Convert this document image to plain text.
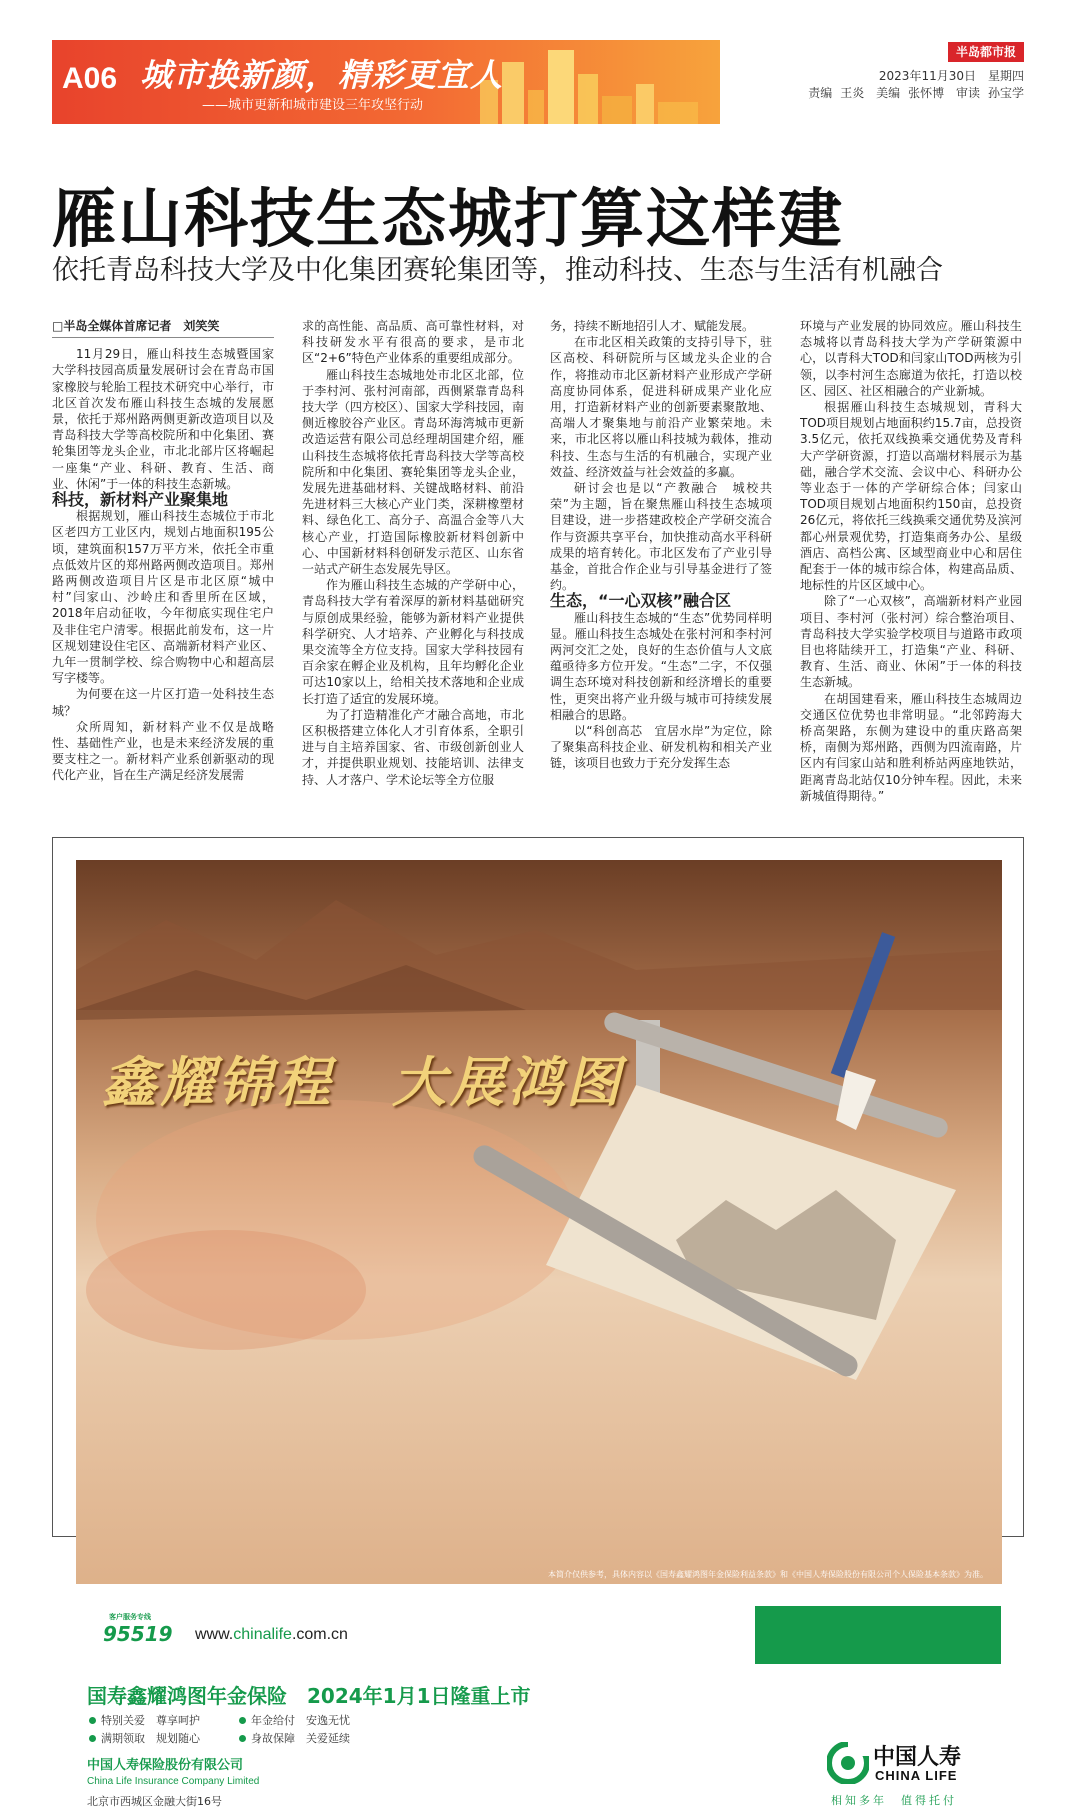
A06 城市换新颜，精彩更宜人
——城市更新和城市建设三年攻坚行动
半岛都市报
2023年11月30日　星期四
责编 王炎 美编 张怀博 审读 孙宝学
雁山科技生态城打算这样建
依托青岛科技大学及中化集团赛轮集团等，推动科技、生态与生活有机融合
□半岛全媒体首席记者　刘笑笑

11月29日，雁山科技生态城暨国家大学科技园高质量发展研讨会在青岛市国家橡胶与轮胎工程技术研究中心举行，市北区首次发布雁山科技生态城的发展愿景，依托于郑州路两侧更新改造项目以及青岛科技大学等高校院所和中化集团、赛轮集团等龙头企业，市北北部片区将崛起一座集“产业、科研、教育、生活、商业、休闲”于一体的科技生态新城。

科技，新材料产业聚集地

根据规划，雁山科技生态城位于市北区老四方工业区内，规划占地面积195公顷，建筑面积157万平方米，依托全市重点低效片区的郑州路两侧改造项目。郑州路两侧改造项目片区是市北区原“城中村”闫家山、沙岭庄和香里所在区域，2018年启动征收，今年彻底实现住宅户及非住宅户清零。根据此前发布，这一片区规划建设住宅区、高端新材料产业区、九年一贯制学校、综合购物中心和超高层写字楼等。

为何要在这一片区打造一处科技生态城？

众所周知，新材料产业不仅是战略性、基础性产业，也是未来经济发展的重要支柱之一。新材料产业系创新驱动的现代化产业，旨在生产满足经济发展需

求的高性能、高品质、高可靠性材料，对科技研发水平有很高的要求，是市北区“2+6”特色产业体系的重要组成部分。

雁山科技生态城地处市北区北部，位于李村河、张村河南部，西侧紧靠青岛科技大学（四方校区）、国家大学科技园，南侧近橡胶谷产业区。青岛环海湾城市更新改造运营有限公司总经理胡国建介绍，雁山科技生态城将依托青岛科技大学等高校院所和中化集团、赛轮集团等龙头企业，发展先进基础材料、关键战略材料、前沿先进材料三大核心产业门类，深耕橡塑材料、绿色化工、高分子、高温合金等八大核心产业，打造国际橡胶新材料创新中心、中国新材料科创研发示范区、山东省一站式产研生态发展先导区。

作为雁山科技生态城的产学研中心，青岛科技大学有着深厚的新材料基础研究与原创成果经验，能够为新材料产业提供科学研究、人才培养、产业孵化与科技成果交流等全方位支持。国家大学科技园有百余家在孵企业及机构，且年均孵化企业可达10家以上，给相关技术落地和企业成长打造了适宜的发展环境。

为了打造精准化产才融合高地，市北区积极搭建立体化人才引育体系，全职引进与自主培养国家、省、市级创新创业人才，并提供职业规划、技能培训、法律支持、人才落户、学术论坛等全方位服

务，持续不断地招引人才、赋能发展。

在市北区相关政策的支持引导下，驻区高校、科研院所与区域龙头企业的合作，将推动市北区新材料产业形成产学研高度协同体系，促进科研成果产业化应用，打造新材料产业的创新要素聚散地、高端人才聚集地与前沿产业繁荣地。未来，市北区将以雁山科技城为载体，推动科技、生态与生活的有机融合，实现产业效益、经济效益与社会效益的多赢。

研讨会也是以“产教融合　城校共荣”为主题，旨在聚焦雁山科技生态城项目建设，进一步搭建政校企产学研交流合作与资源共享平台，加快推动高水平科研成果的培育转化。市北区发布了产业引导基金，首批合作企业与引导基金进行了签约。

生态，“一心双核”融合区

雁山科技生态城的“生态”优势同样明显。雁山科技生态城处在张村河和李村河两河交汇之处，良好的生态价值与人文底蕴亟待多方位开发。“生态”二字，不仅强调生态环境对科技创新和经济增长的重要性，更突出将产业升级与城市可持续发展相融合的思路。

以“科创高芯　宜居水岸”为定位，除了聚集高科技企业、研发机构和相关产业链，该项目也致力于充分发挥生态

环境与产业发展的协同效应。雁山科技生态城将以青岛科技大学为产学研策源中心，以青科大TOD和闫家山TOD两核为引领，以李村河生态廊道为依托，打造以校区、园区、社区相融合的产业新城。

根据雁山科技生态城规划，青科大TOD项目规划占地面积约15.7亩，总投资3.5亿元，依托双线换乘交通优势及青科大产学研资源，打造以高端材料展示为基础，融合学术交流、会议中心、科研办公等业态于一体的产学研综合体；闫家山TOD项目规划占地面积约150亩，总投资26亿元，将依托三线换乘交通优势及滨河都心州景观优势，打造集商务办公、星级酒店、高档公寓、区域型商业中心和居住配套于一体的城市综合体，构建高品质、地标性的片区区域中心。

除了“一心双核”，高端新材料产业园项目、李村河（张村河）综合整治项目、青岛科技大学实验学校项目与道路市政项目也将陆续开工，打造集“产业、科研、教育、生活、商业、休闲”于一体的科技生态新城。

在胡国建看来，雁山科技生态城周边交通区位优势也非常明显。“北邻跨海大桥高架路，东侧为建设中的重庆路高架桥，南侧为郑州路，西侧为四流南路，片区内有闫家山站和胜利桥站两座地铁站，距离青岛北站仅10分钟车程。因此，未来新城值得期待。”

鑫耀锦程　大展鸿图
本简介仅供参考，具体内容以《国寿鑫耀鸿图年金保险利益条款》和《中国人寿保险股份有限公司个人保险基本条款》为准。
客户服务专线
95519 www.chinalife.com.cn
国寿鑫耀鸿图年金保险　2024年1月1日隆重上市
特别关爱　尊享呵护	年金给付　安逸无忧 满期领取　规划随心	身故保障　关爱延续
中国人寿保险股份有限公司
China Life Insurance Company Limited
北京市西城区金融大街16号
中国人寿
CHINA LIFE
相知多年　值得托付
